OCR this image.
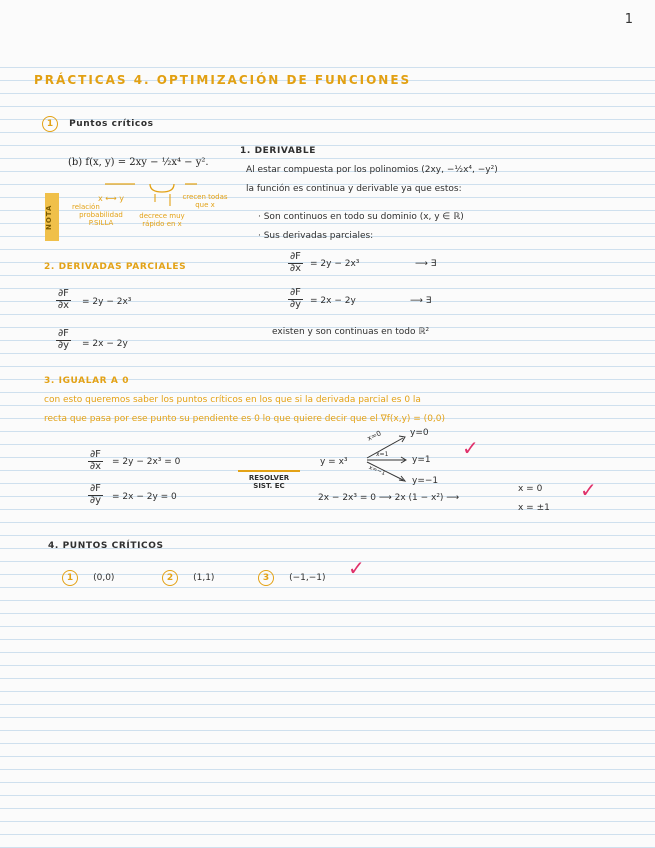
1
PRÁCTICAS 4. OPTIMIZACIÓN DE FUNCIONES
1 Puntos críticos
(b) f(x, y) = 2xy − ½x⁴ − y².
NOTA
x ⟷ y
relación
probabilidad P.SILLA
decrece muy rápido en x
crecen todas que x
1. DERIVABLE
Al estar compuesta por los polinomios (2xy, −½x⁴, −y²)
la función es continua y derivable ya que estos:
· Son continuos en todo su dominio (x, y ∈ ℝ)
· Sus derivadas parciales:
$\frac{\partial F}{\partial x} = 2y - 2x^3$	⟶ ∃
$\frac{\partial F}{\partial y} = 2x - 2y$	⟶ ∃
existen y son continuas en todo ℝ²
2. DERIVADAS PARCIALES
$\frac{\partial F}{\partial x} = 2y - 2x^3$
$\frac{\partial F}{\partial y} = 2x - 2y$
3. IGUALAR A 0
con esto queremos saber los puntos críticos en los que si la derivada parcial es 0 la
recta que pasa por ese punto su pendiente es 0 lo que quiere decir que el ∇f(x,y) = (0,0)
$\frac{\partial F}{\partial x} = 2y - 2x^3 = 0$
$\frac{\partial F}{\partial y} = 2x - 2y = 0$
RESOLVER SIST. EC
y = x³
x=0
x=1
x=−1
y=0
y=1
y=−1
✓
2x − 2x³ = 0 ⟶ 2x (1 − x²) ⟶
x = 0
x = ±1
✓
4. PUNTOS CRÍTICOS
1 (0,0)	2 (1,1)	3 (−1,−1) ✓
